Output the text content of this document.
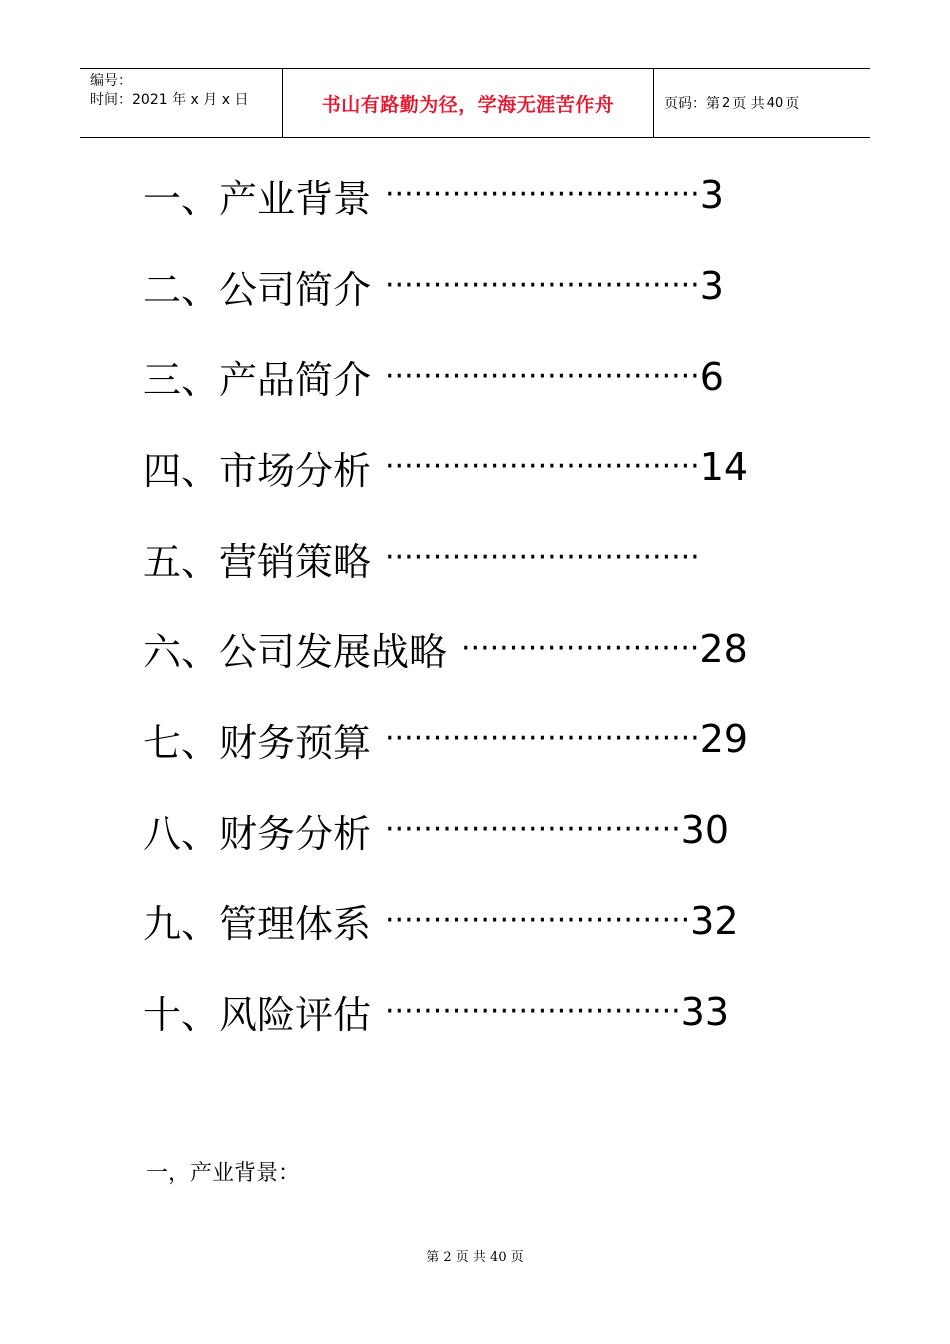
编号：
时间：2021 年 x 月 x 日	书山有路勤为径，学海无涯苦作舟	页码：第 2 页 共 40 页
一、产业背景 ································· 3
二、公司简介 ································· 3
三、产品简介 ································· 6
四、市场分析 ································· 14
五、营销策略 ·································
六、公司发展战略 ························· 28
七、财务预算 ································· 29
八、财务分析 ······························· 30
九、管理体系 ································ 32
十、风险评估 ······························· 33
一，产业背景：
第 2 页 共 40 页
